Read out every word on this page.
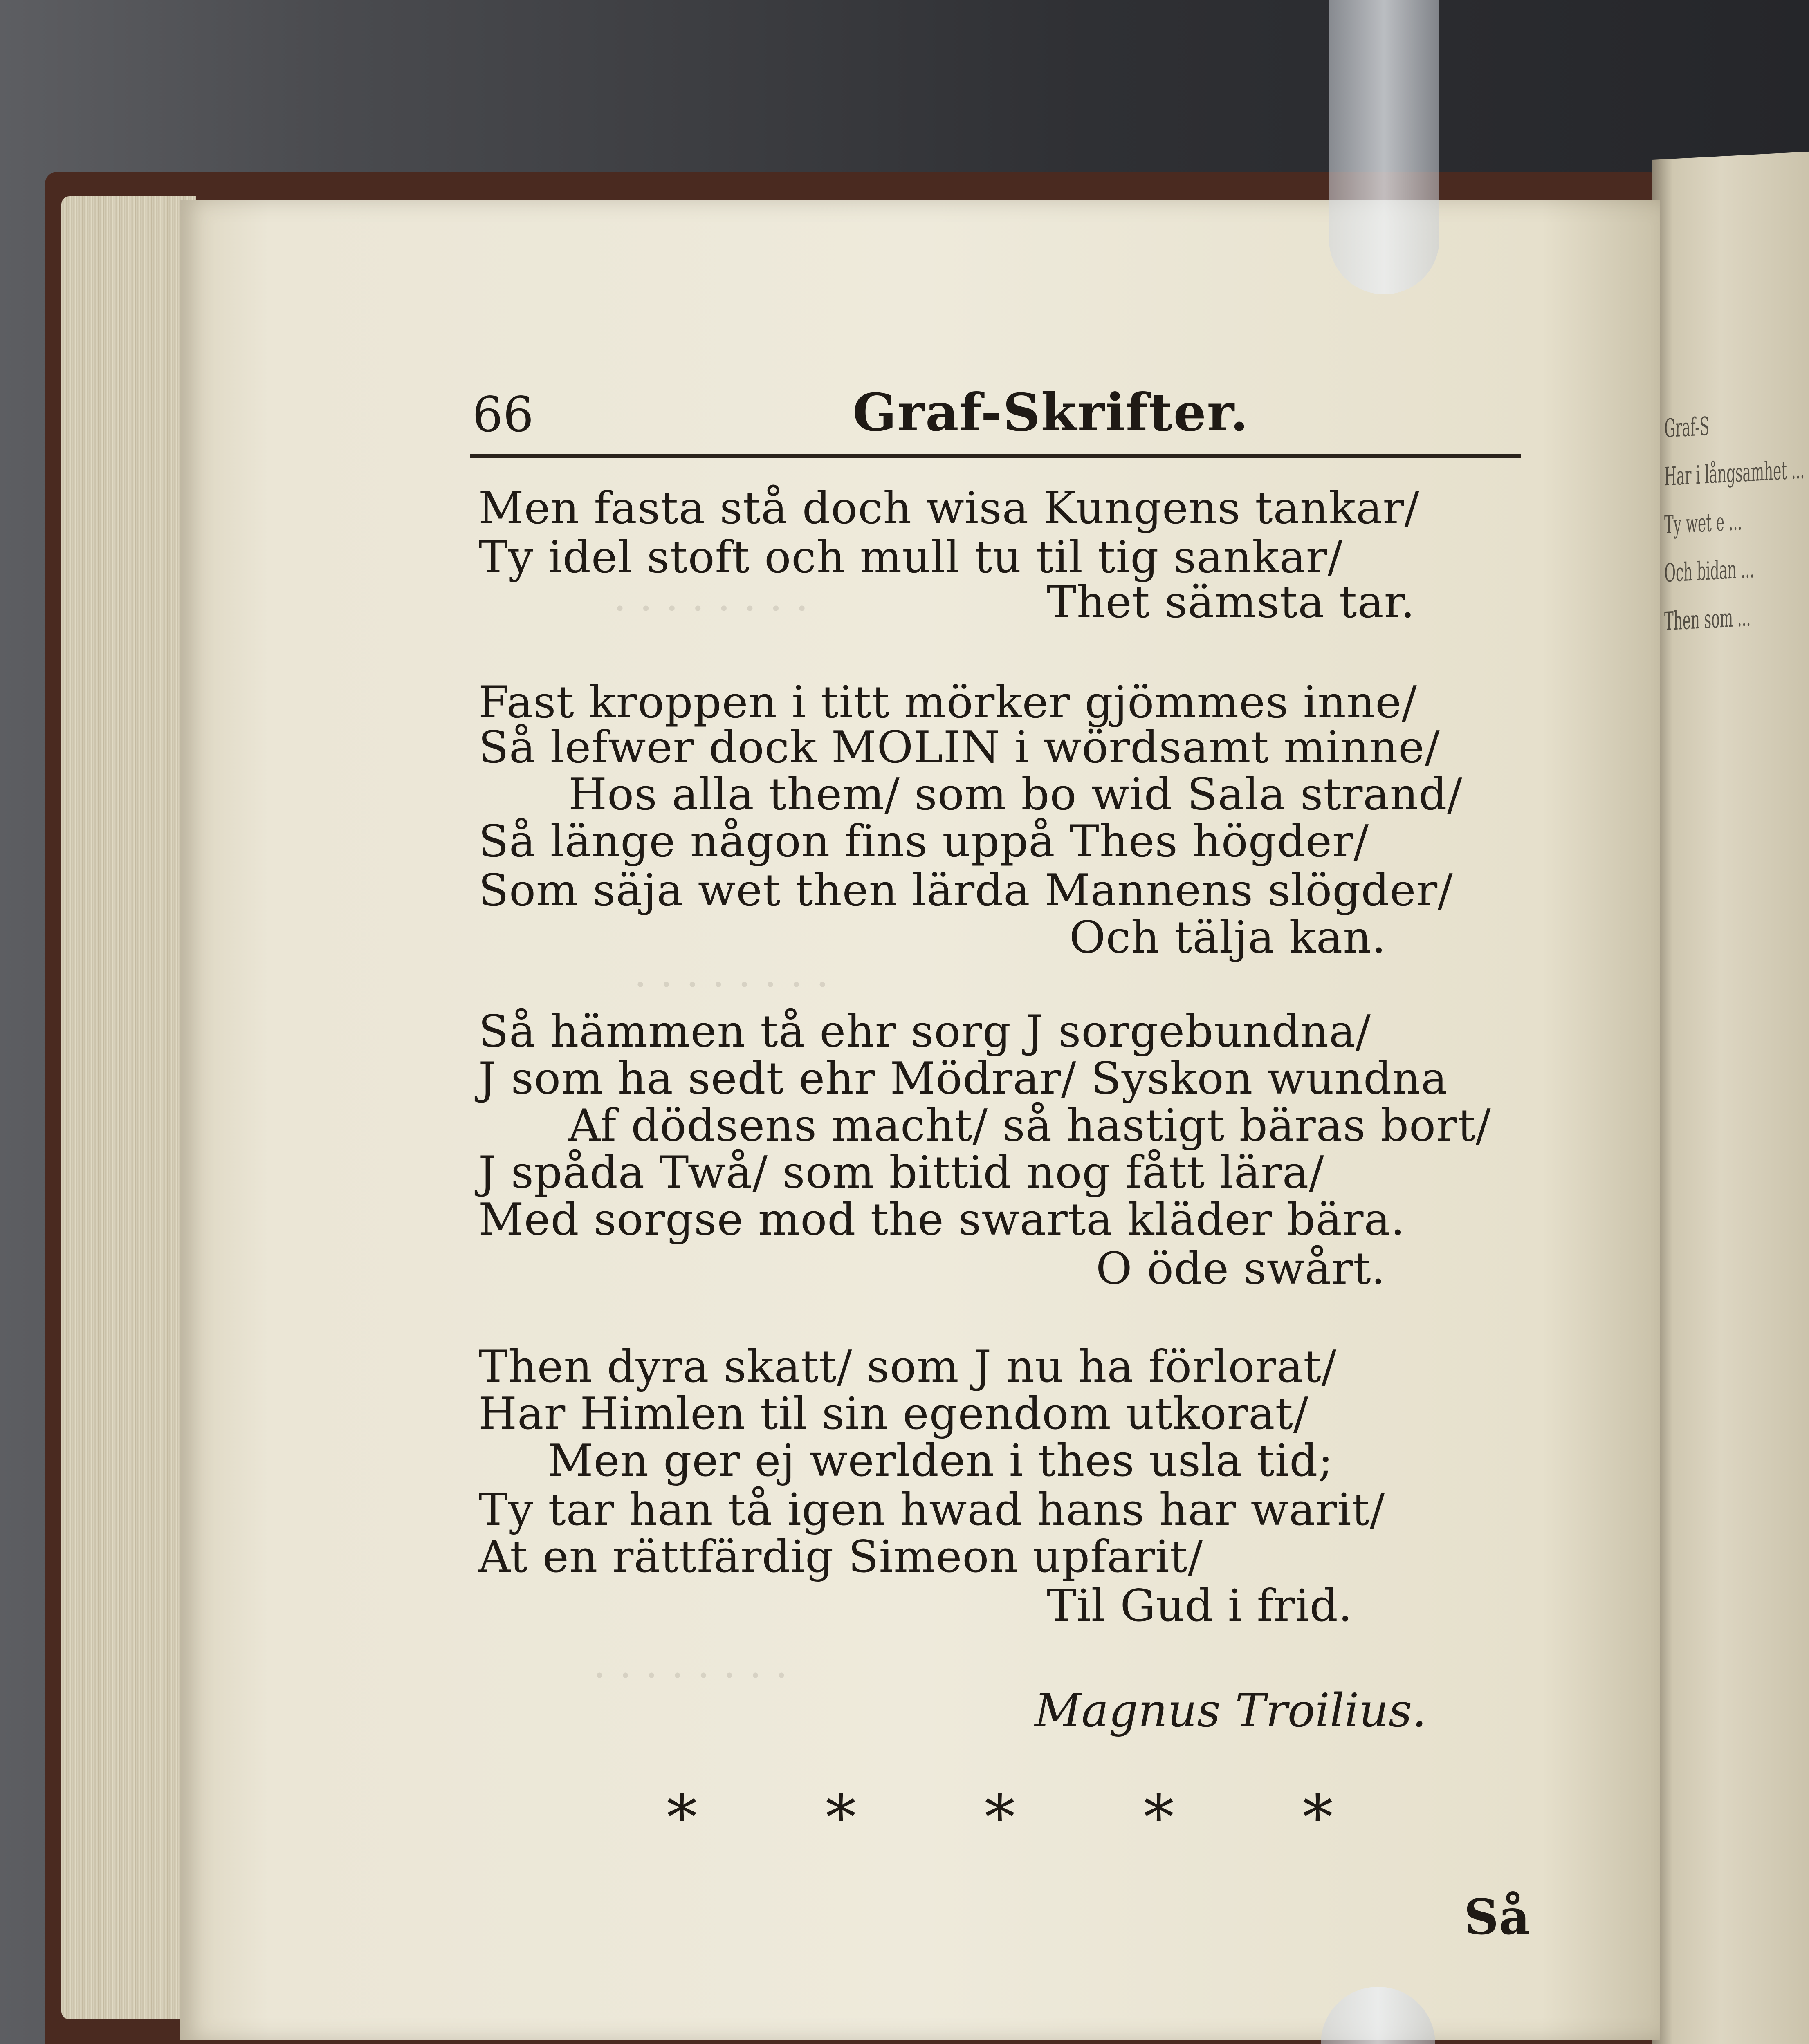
Graf-S
Har i långsamhet ...
Ty wet e ...
Och bidan ...
Then som ...
· · · · · · · ·
· · · · · · · ·
· · · · · · · ·
66	Graf-Skrifter.
Men fasta stå doch wisa Kungens tankar/
Ty idel stoft och mull tu til tig sankar/
Thet sämsta tar.
Fast kroppen i titt mörker gjömmes inne/
Så lefwer dock MOLIN i wördsamt minne/
Hos alla them/ som bo wid Sala strand/
Så länge någon fins uppå Thes högder/
Som säja wet then lärda Mannens slögder/
Och tälja kan.
Så hämmen tå ehr sorg J sorgebundna/
J som ha sedt ehr Mödrar/ Syskon wundna
Af dödsens macht/ så hastigt bäras bort/
J spåda Twå/ som bittid nog fått lära/
Med sorgse mod the swarta kläder bära.
O öde swårt.
Then dyra skatt/ som J nu ha förlorat/
Har Himlen til sin egendom utkorat/
Men ger ej werlden i thes usla tid;
Ty tar han tå igen hwad hans har warit/
At en rättfärdig Simeon upfarit/
Til Gud i frid.
Magnus Troilius.
* * * * *
Så
